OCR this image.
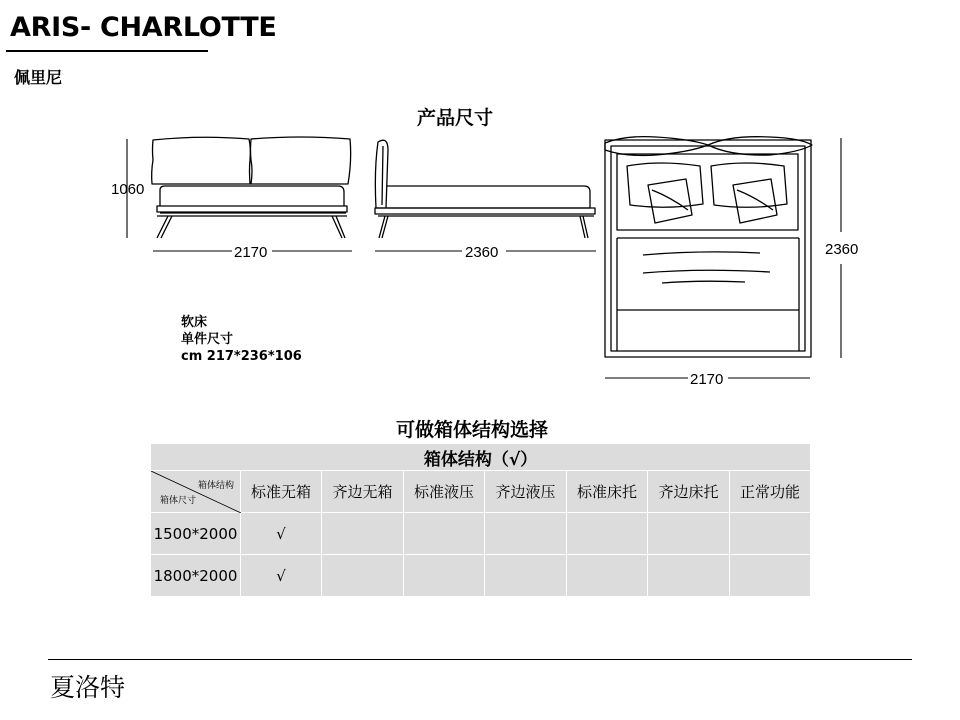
ARIS- CHARLOTTE
佩里尼
产品尺寸
1060
2170	2360	2360
2170
软床
单件尺寸
cm 217*236*106
可做箱体结构选择
箱体结构（√）							

箱体结构
箱体尺寸	标准无箱	齐边无箱	标准液压	齐边液压	标准床托	齐边床托	正常功能
1500*2000	√						
1800*2000	√						
夏洛特
